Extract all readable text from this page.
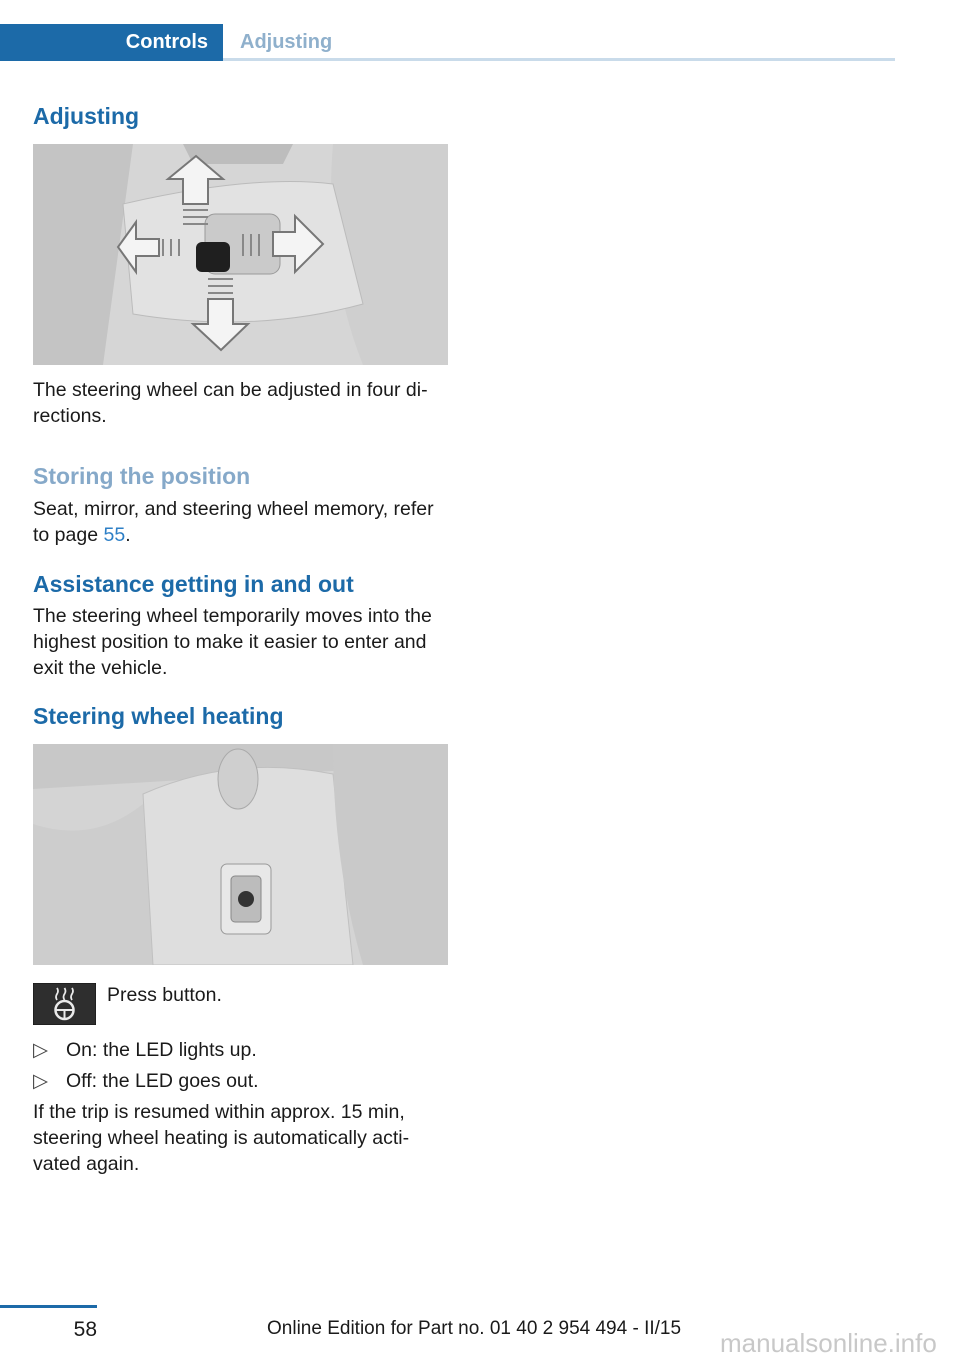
Controls	Adjusting
Adjusting

The steering wheel can be adjusted in four di-
rections.

Storing the position

Seat, mirror, and steering wheel memory, refer to page 55.

Assistance getting in and out

The steering wheel temporarily moves into the highest position to make it easier to enter and exit the vehicle.

Steering wheel heating

Press button.

▷ On: the LED lights up.
▷ Off: the LED goes out.

If the trip is resumed within approx. 15 min, steering wheel heating is automatically acti-
vated again.

58	Online Edition for Part no. 01 40 2 954 494 - II/15 manualsonline.info
